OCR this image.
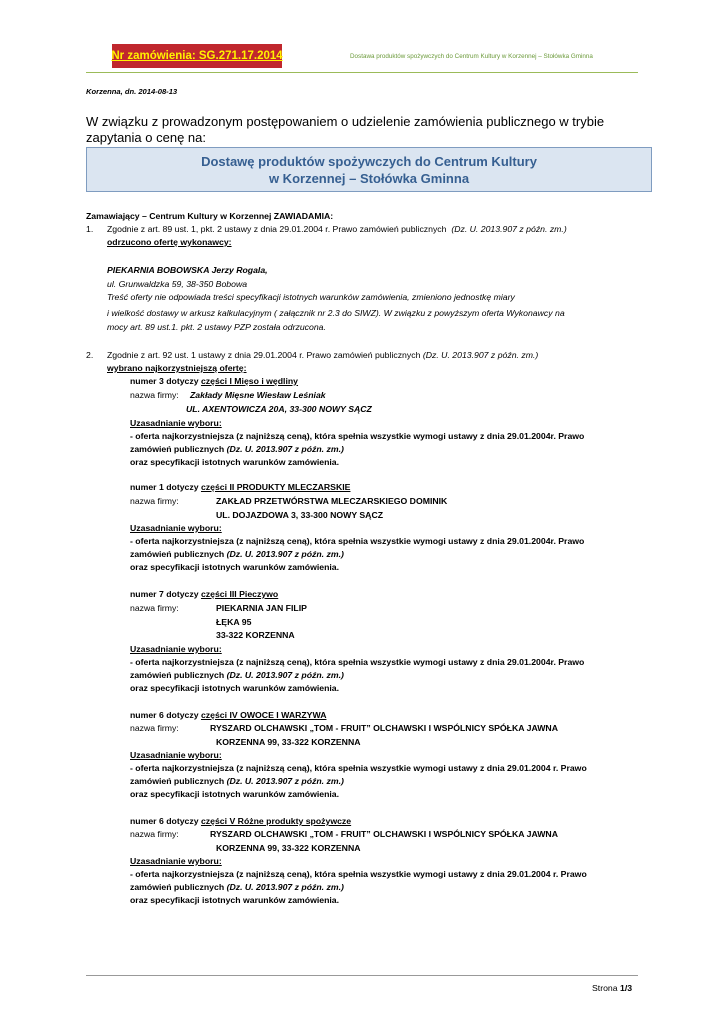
Nr zamówienia: SG.271.17.2014	Dostawa produktów spożywczych do Centrum Kultury w Korzennej – Stołówka Gminna
Korzenna, dn. 2014-08-13
W związku z prowadzonym postępowaniem o udzielenie zamówienia publicznego w trybie zapytania o cenę na:
Dostawę produktów spożywczych do Centrum Kultury
w Korzennej – Stołówka Gminna
Zamawiający – Centrum Kultury w Korzennej ZAWIADAMIA:
1. Zgodnie z art. 89 ust. 1, pkt. 2 ustawy z dnia 29.01.2004 r. Prawo zamówień publicznych (Dz. U. 2013.907 z późn. zm.)
odrzucono ofertę wykonawcy:
PIEKARNIA BOBOWSKA Jerzy Rogala,
ul. Grunwaldzka 59, 38-350 Bobowa
Treść oferty nie odpowiada treści specyfikacji istotnych warunków zamówienia, zmieniono jednostkę miary
i wielkość dostawy w arkusz kalkulacyjnym ( załącznik nr 2.3 do SIWZ). W związku z powyższym oferta Wykonawcy na
mocy art. 89 ust.1. pkt. 2 ustawy PZP została odrzucona.
2. Zgodnie z art. 92 ust. 1 ustawy z dnia 29.01.2004 r. Prawo zamówień publicznych (Dz. U. 2013.907 z późn. zm.)
wybrano najkorzystniejszą ofertę:
numer 3 dotyczy części I Mięso i wędliny
nazwa firmy: Zakłady Mięsne Wiesław Leśniak
UL. AXENTOWICZA 20A, 33-300 NOWY SĄCZ
Uzasadnianie wyboru:
- oferta najkorzystniejsza (z najniższą ceną), która spełnia wszystkie wymogi ustawy z dnia 29.01.2004r. Prawo
zamówień publicznych (Dz. U. 2013.907 z późn. zm.)
oraz specyfikacji istotnych warunków zamówienia.
numer 1 dotyczy części II PRODUKTY MLECZARSKIE
nazwa firmy:	ZAKŁAD PRZETWÓRSTWA MLECZARSKIEGO DOMINIK
UL. DOJAZDOWA 3, 33-300 NOWY SĄCZ
Uzasadnianie wyboru:
- oferta najkorzystniejsza (z najniższą ceną), która spełnia wszystkie wymogi ustawy z dnia 29.01.2004r. Prawo
zamówień publicznych (Dz. U. 2013.907 z późn. zm.)
oraz specyfikacji istotnych warunków zamówienia.
numer 7 dotyczy części III Pieczywo
nazwa firmy:	PIEKARNIA JAN FILIP
ŁĘKA 95
33-322 KORZENNA
Uzasadnianie wyboru:
- oferta najkorzystniejsza (z najniższą ceną), która spełnia wszystkie wymogi ustawy z dnia 29.01.2004r. Prawo
zamówień publicznych (Dz. U. 2013.907 z późn. zm.)
oraz specyfikacji istotnych warunków zamówienia.
numer 6 dotyczy części IV OWOCE I WARZYWA
nazwa firmy:	RYSZARD OLCHAWSKI „TOM - FRUIT” OLCHAWSKI I WSPÓLNICY SPÓŁKA JAWNA
KORZENNA 99, 33-322 KORZENNA
Uzasadnianie wyboru:
- oferta najkorzystniejsza (z najniższą ceną), która spełnia wszystkie wymogi ustawy z dnia 29.01.2004 r. Prawo
zamówień publicznych (Dz. U. 2013.907 z późn. zm.)
oraz specyfikacji istotnych warunków zamówienia.
numer 6 dotyczy części V Różne produkty spożywcze
nazwa firmy:	RYSZARD OLCHAWSKI „TOM - FRUIT” OLCHAWSKI I WSPÓLNICY SPÓŁKA JAWNA
KORZENNA 99, 33-322 KORZENNA
Uzasadnianie wyboru:
- oferta najkorzystniejsza (z najniższą ceną), która spełnia wszystkie wymogi ustawy z dnia 29.01.2004 r. Prawo
zamówień publicznych (Dz. U. 2013.907 z późn. zm.)
oraz specyfikacji istotnych warunków zamówienia.
Strona 1/3
